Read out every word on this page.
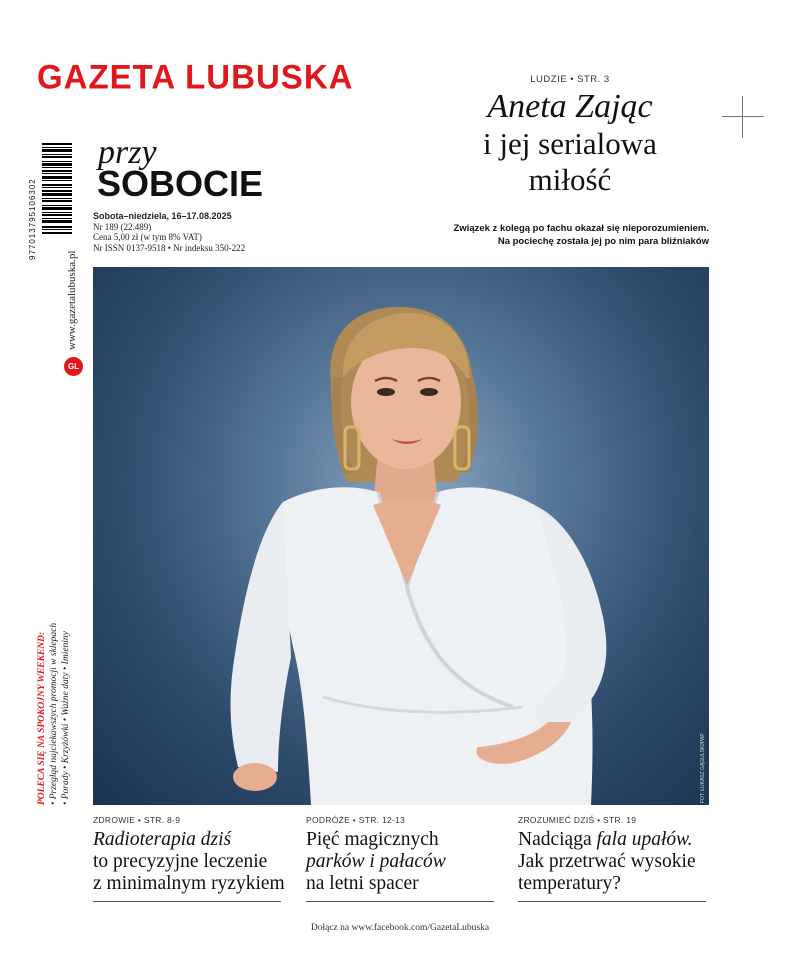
GAZETA LUBUSKA
977013795106302
www.gazetalubuska.pl
GL
POLECA SIĘ NA SPOKOJNY WEEKEND: • Przegląd najciekawszych promocji w sklepach • Porady • Krzyżówki • Ważne daty • Imieniny
przy
SOBOCIE
Sobota–niedziela, 16–17.08.2025
Nr 189 (22.489)
Cena 5,00 zł (w tym 8% VAT)
Nr ISSN 0137-9518 • Nr indeksu 350-222
LUDZIE • STR. 3
Aneta Zając
i jej serialowa
miłość
Związek z kolegą po fachu okazał się nieporozumieniem.
Na pociechę została jej po nim para bliźniaków
FOT. ŁUKASZ GĄGULSKI/PAP
ZDROWIE • STR. 8-9
Radioterapia dziś
to precyzyjne leczenie
z minimalnym ryzykiem
PODRÓŻE • STR. 12-13
Pięć magicznych
parków i pałaców
na letni spacer
ZROZUMIEĆ DZIŚ • STR. 19
Nadciąga fala upałów.
Jak przetrwać wysokie
temperatury?
Dołącz na www.facebook.com/GazetaLubuska
